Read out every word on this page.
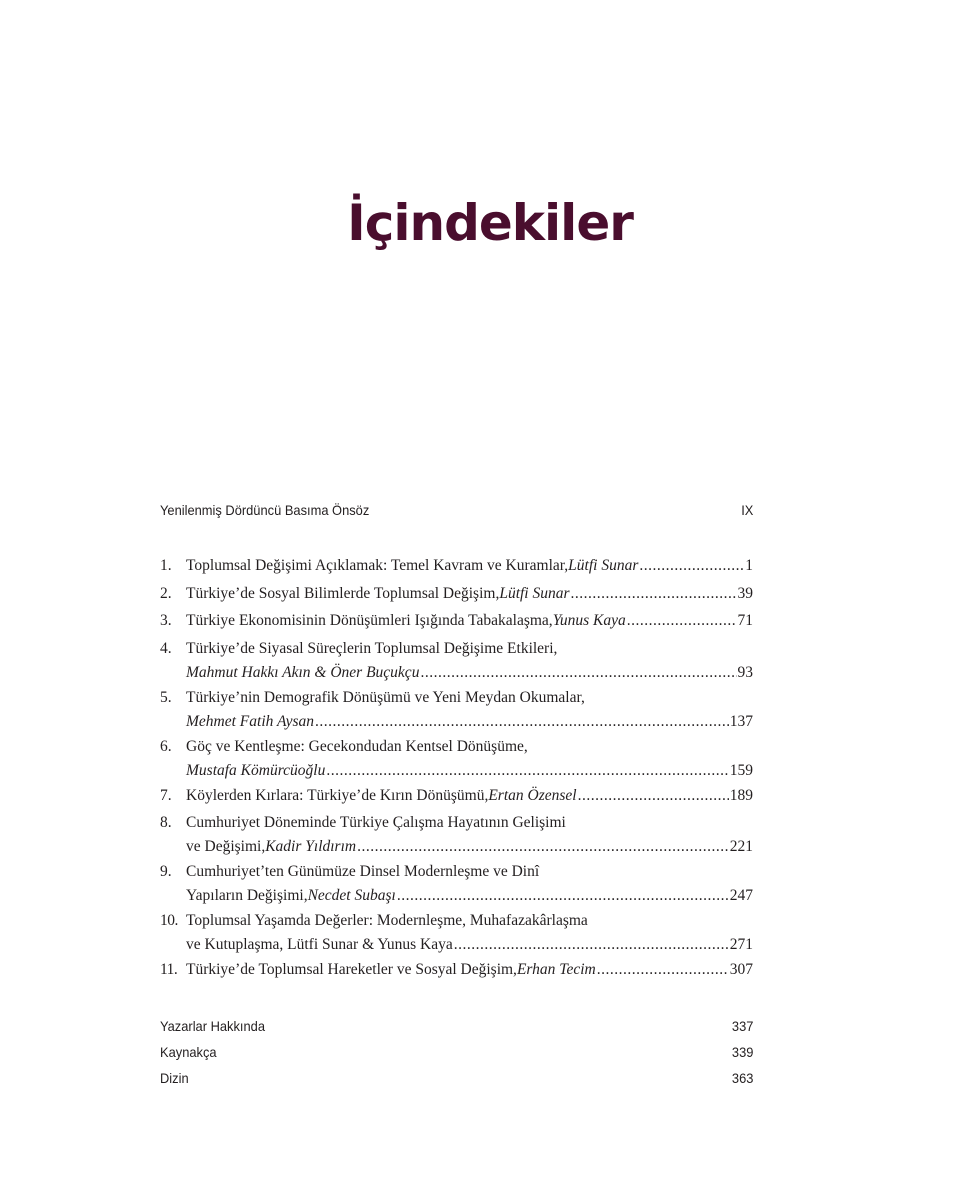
İçindekiler
Yenilenmiş Dördüncü Basıma Önsöz	IX
1. Toplumsal Değişimi Açıklamak: Temel Kavram ve Kuramlar, Lütfi Sunar .....	1
2. Türkiye’de Sosyal Bilimlerde Toplumsal Değişim, Lütfi Sunar .....	39
3. Türkiye Ekonomisinin Dönüşümleri Işığında Tabakalaşma, Yunus Kaya .....	71
4. Türkiye’de Siyasal Süreçlerin Toplumsal Değişime Etkileri,
Mahmut Hakkı Akın & Öner Buçukçu .....	93
5. Türkiye’nin Demografik Dönüşümü ve Yeni Meydan Okumalar,
Mehmet Fatih Aysan .....	137
6. Göç ve Kentleşme: Gecekondudan Kentsel Dönüşüme,
Mustafa Kömürcüoğlu .....	159
7. Köylerden Kırlara: Türkiye’de Kırın Dönüşümü, Ertan Özensel .....	189
8. Cumhuriyet Döneminde Türkiye Çalışma Hayatının Gelişimi
ve Değişimi, Kadir Yıldırım .....	221
9. Cumhuriyet’ten Günümüze Dinsel Modernleşme ve Dinî
Yapıların Değişimi, Necdet Subaşı .....	247
10. Toplumsal Yaşamda Değerler: Modernleşme, Muhafazakârlaşma
ve Kutuplaşma, Lütfi Sunar & Yunus Kaya .....	271
11. Türkiye’de Toplumsal Hareketler ve Sosyal Değişim, Erhan Tecim .....	307
Yazarlar Hakkında	337
Kaynakça	339
Dizin	363
